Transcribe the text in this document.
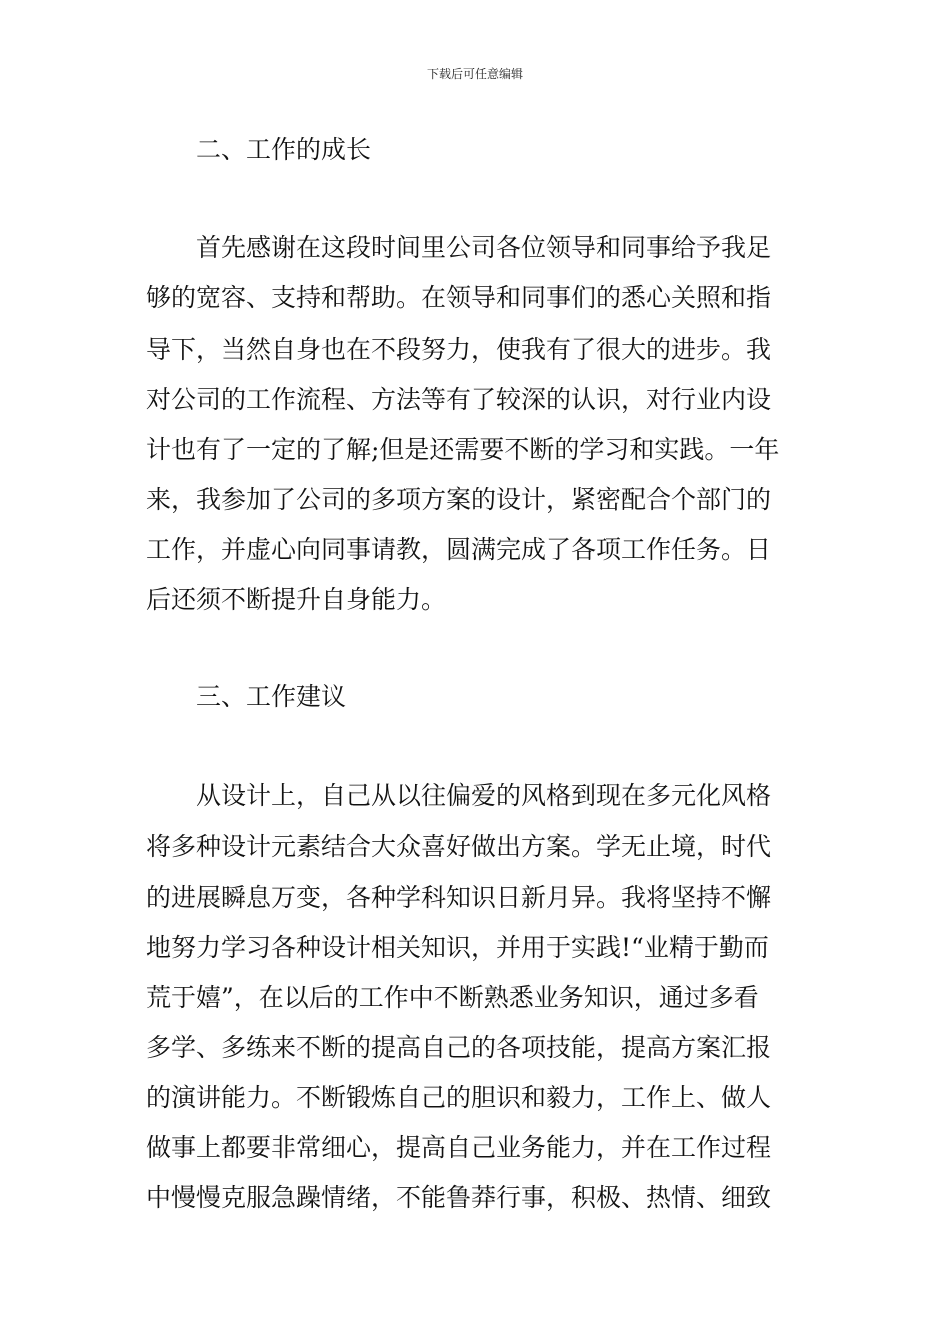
下载后可任意编辑
二、工作的成长
首先感谢在这段时间里公司各位领导和同事给予我足
够的宽容、支持和帮助。在领导和同事们的悉心关照和指
导下，当然自身也在不段努力，使我有了很大的进步。我
对公司的工作流程、方法等有了较深的认识，对行业内设
计也有了一定的了解;但是还需要不断的学习和实践。一年
来，我参加了公司的多项方案的设计，紧密配合个部门的
工作，并虚心向同事请教，圆满完成了各项工作任务。日
后还须不断提升自身能力。
三、工作建议
从设计上，自己从以往偏爱的风格到现在多元化风格
将多种设计元素结合大众喜好做出方案。学无止境，时代
的进展瞬息万变，各种学科知识日新月异。我将坚持不懈
地努力学习各种设计相关知识，并用于实践!“业精于勤而
荒于嬉”，在以后的工作中不断熟悉业务知识，通过多看
多学、多练来不断的提高自己的各项技能，提高方案汇报
的演讲能力。不断锻炼自己的胆识和毅力，工作上、做人
做事上都要非常细心，提高自己业务能力，并在工作过程
中慢慢克服急躁情绪，不能鲁莽行事，积极、热情、细致
